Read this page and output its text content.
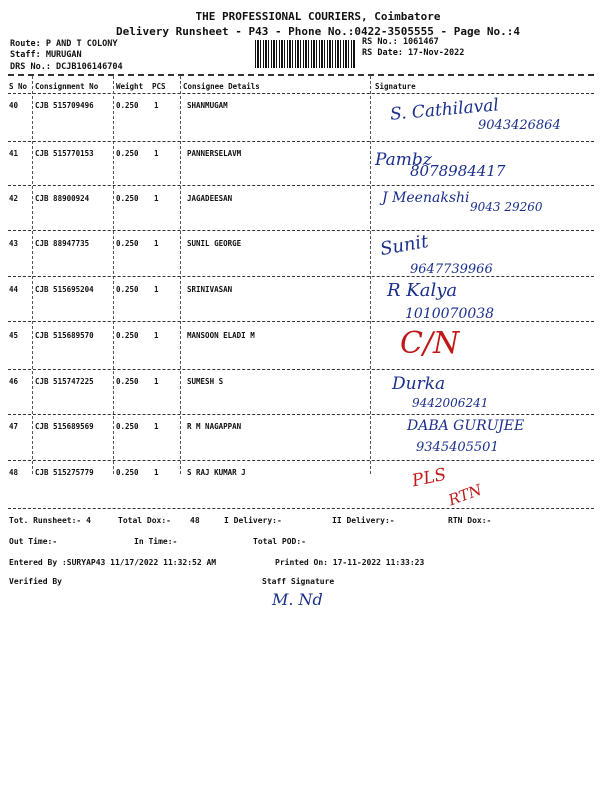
THE PROFESSIONAL COURIERS, Coimbatore
Delivery Runsheet - P43 - Phone No.:0422-3505555 - Page No.:4
Route: P AND T COLONY
Staff: MURUGAN
DRS No.: DCJB106146704
RS No.: 1061467
RS Date: 17-Nov-2022
S No Consignment No Weight PCS Consignee Details	Signature
40 CJB 515709496	0.250 1	SHANMUGAM	S. Cathilaval
9043426864
41 CJB 515770153	0.250 1	PANNERSELAVM	Pambz
8078984417
42 CJB 88900924	0.250 1	JAGADEESAN	J Meenakshi
9043 29260
43 CJB 88947735	0.250 1	SUNIL GEORGE	Sunit
9647739966
44 CJB 515695204	0.250 1	SRINIVASAN	R Kalya
1010070038
45 CJB 515689570	0.250 1	MANSOON ELADI M	C/N
46 CJB 515747225	0.250 1	SUMESH S	Durka
9442006241
47 CJB 515689569	0.250 1	R M NAGAPPAN	DABA GURUJEE
9345405501
48 CJB 515275779	0.250 1	S RAJ KUMAR J	PLS
RTN
Tot. Runsheet:- 4	Total Dox:- 48	I Delivery:-	II Delivery:-	RTN Dox:-
Out Time:-	In Time:-	Total POD:-
Entered By :SURYAP43 11/17/2022 11:32:52 AM	Printed On: 17-11-2022 11:33:23
Verified By	Staff Signature
M. Nd
